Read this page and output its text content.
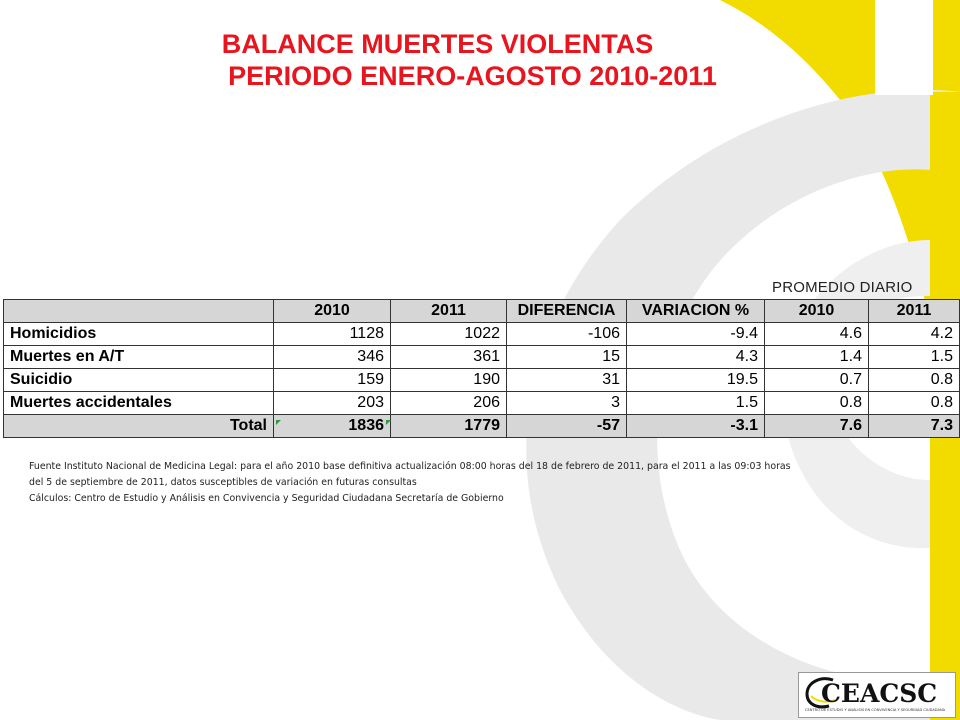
BALANCE MUERTES VIOLENTAS
PERIODO ENERO-AGOSTO 2010-2011
PROMEDIO DIARIO
	2010	2011	DIFERENCIA	VARIACION %	2010	2011
Homicidios	1128	1022	-106	-9.4	4.6	4.2
Muertes en A/T	346	361	15	4.3	1.4	1.5
Suicidio	159	190	31	19.5	0.7	0.8
Muertes accidentales	203	206	3	1.5	0.8	0.8
Total	1836	1779	-57	-3.1	7.6	7.3

Fuente Instituto Nacional de Medicina Legal: para el año 2010 base definitiva actualización 08:00 horas del 18 de febrero de 2011, para el 2011 a las 09:03 horas

del 5 de septiembre de 2011, datos susceptibles de variación en futuras consultas

Cálculos: Centro de Estudio y Análisis en Convivencia y Seguridad Ciudadana Secretaría de Gobierno

CEACSC
CENTRO DE ESTUDIO Y ANÁLISIS EN CONVIVENCIA Y SEGURIDAD CIUDADANA
